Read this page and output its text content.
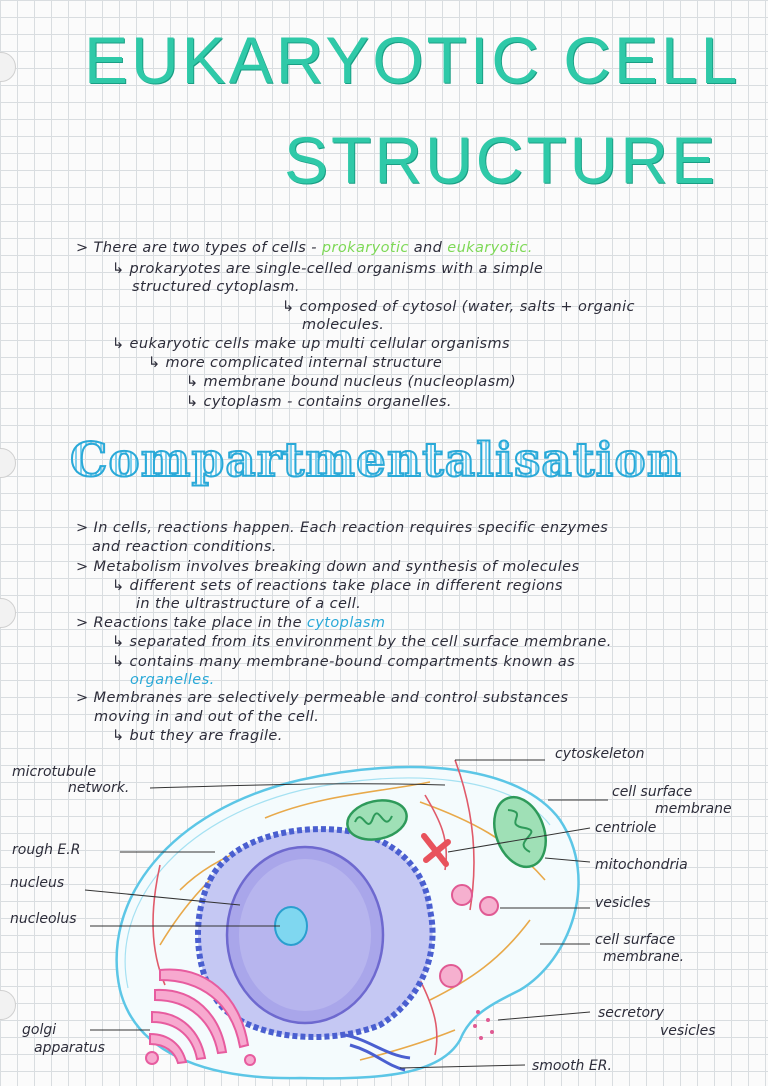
EUKARYOTIC CELL
STRUCTURE
> There are two types of cells - prokaryotic and eukaryotic.
↳ prokaryotes are single-celled organisms with a simple
structured cytoplasm.
↳ composed of cytosol (water, salts + organic
molecules.
↳ eukaryotic cells make up multi cellular organisms
↳ more complicated internal structure
↳ membrane bound nucleus (nucleoplasm)
↳ cytoplasm - contains organelles.
Compartmentalisation
> In cells, reactions happen. Each reaction requires specific enzymes
and reaction conditions.
> Metabolism involves breaking down and synthesis of molecules
↳ different sets of reactions take place in different regions
in the ultrastructure of a cell.
> Reactions take place in the cytoplasm
↳ separated from its environment by the cell surface membrane.
↳ contains many membrane-bound compartments known as
organelles.
> Membranes are selectively permeable and control substances
moving in and out of the cell.
↳ but they are fragile.
cytoskeleton
microtubule
network.	cell surface
membrane
centriole
rough E.R
mitochondria
nucleus
vesicles
nucleolus
cell surface
membrane.
secretory
vesicles
golgi
apparatus
smooth ER.
